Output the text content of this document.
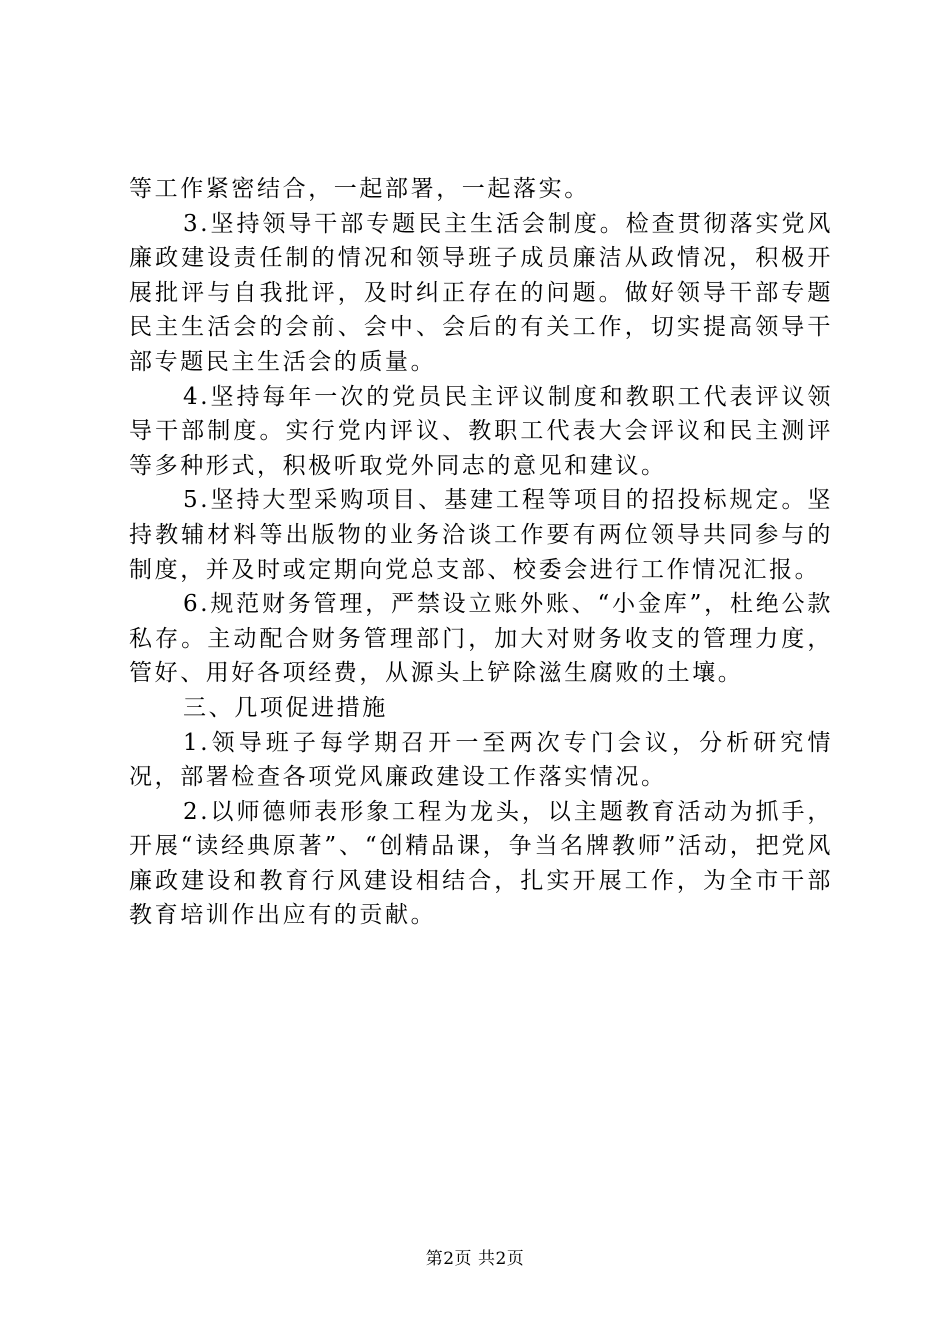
等工作紧密结合，一起部署，一起落实。

3.坚持领导干部专题民主生活会制度。检查贯彻落实党风廉政建设责任制的情况和领导班子成员廉洁从政情况，积极开展批评与自我批评，及时纠正存在的问题。做好领导干部专题民主生活会的会前、会中、会后的有关工作，切实提高领导干部专题民主生活会的质量。

4.坚持每年一次的党员民主评议制度和教职工代表评议领导干部制度。实行党内评议、教职工代表大会评议和民主测评等多种形式，积极听取党外同志的意见和建议。

5.坚持大型采购项目、基建工程等项目的招投标规定。坚持教辅材料等出版物的业务洽谈工作要有两位领导共同参与的制度，并及时或定期向党总支部、校委会进行工作情况汇报。

6.规范财务管理，严禁设立账外账、“小金库”，杜绝公款私存。主动配合财务管理部门，加大对财务收支的管理力度，管好、用好各项经费，从源头上铲除滋生腐败的土壤。

三、几项促进措施

1.领导班子每学期召开一至两次专门会议，分析研究情况，部署检查各项党风廉政建设工作落实情况。

2.以师德师表形象工程为龙头，以主题教育活动为抓手，开展“读经典原著”、“创精品课，争当名牌教师”活动，把党风廉政建设和教育行风建设相结合，扎实开展工作，为全市干部教育培训作出应有的贡献。

第2页 共2页
